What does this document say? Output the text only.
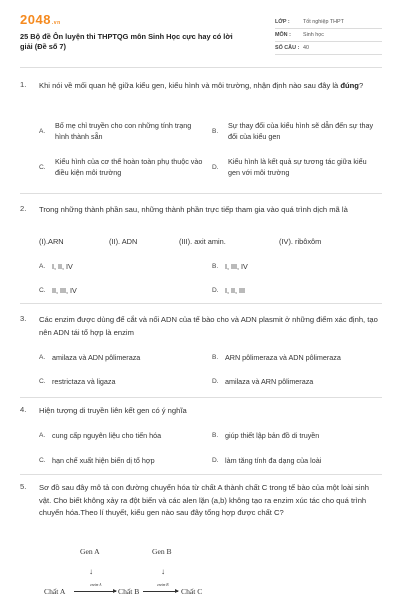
2048.vn
25 Bộ đề Ôn luyện thi THPTQG môn Sinh Học cực hay có lời giải (Đề số 7)
LỚP :	Tốt nghiệp THPT
MÔN :	Sinh học
SỐ CÂU : 40
1. Khi nói về mối quan hệ giữa kiểu gen, kiểu hình và môi trường, nhận định nào sau đây là đúng?
A.
Bố mẹ chỉ truyền cho con những tính trạng hình thành sẵn
B.
Sự thay đổi của kiểu hình sẽ dẫn đến sự thay đổi của kiểu gen
C.
Kiểu hình của cơ thể hoàn toàn phụ thuộc vào điều kiện môi trường
D.
Kiểu hình là kết quả sự tương tác giữa kiểu gen với môi trường
2. Trong những thành phần sau, những thành phần trực tiếp tham gia vào quá trình dịch mã là
(I).ARN	(II). ADN	(III). axit amin.	(IV). ribôxôm
A. I, II, IV	B. I, III, IV
C. II, III, IV	D. I, II, III
3. Các enzim được dùng để cắt và nối ADN của tế bào cho và ADN plasmit ở những điểm xác định, tạo nên ADN tái tổ hợp là enzim
A. amilaza và ADN pôlimeraza	B. ARN pôlimeraza và ADN pôlimeraza
C. restrictaza và ligaza	D. amilaza và ARN pôlimeraza
4. Hiện tượng di truyền liên kết gen có ý nghĩa
A. cung cấp nguyên liệu cho tiến hóa	B. giúp thiết lập bản đồ di truyền
C. hạn chế xuất hiện biến dị tổ hợp	D. làm tăng tính đa dạng của loài
5. Sơ đồ sau đây mô tả con đường chuyển hóa từ chất A thành chất C trong tế bào của một loài sinh vật. Cho biết không xảy ra đột biến và các alen lặn (a,b) không tạo ra enzim xúc tác cho quá trình chuyển hóa.Theo lí thuyết, kiểu gen nào sau đây tổng hợp được chất C?
Gen A	Gen B
↓	↓
Chất A
enzim A
Chất B
enzim B
Chất C
